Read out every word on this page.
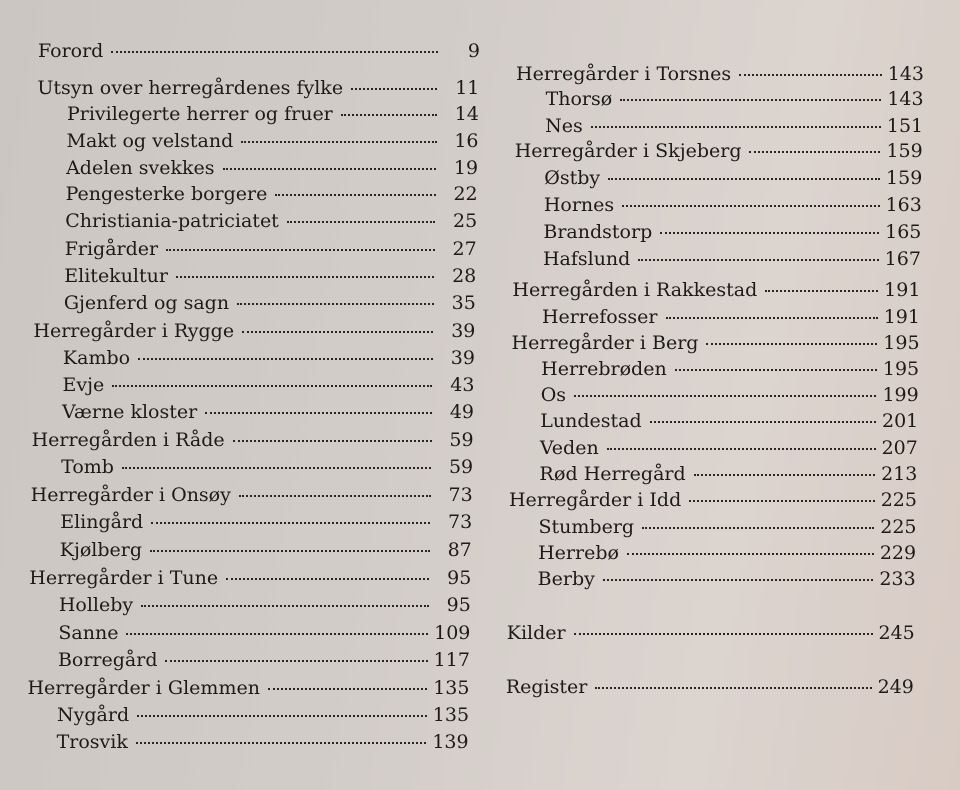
Forord	9
Utsyn over herregårdenes fylke	11
Privilegerte herrer og fruer	14
Makt og velstand	16
Adelen svekkes	19
Pengesterke borgere	22
Christiania-patriciatet	25
Frigårder	27
Elitekultur	28
Gjenferd og sagn	35
Herregårder i Rygge	39
Kambo	39
Evje	43
Værne kloster	49
Herregården i Råde	59
Tomb	59
Herregårder i Onsøy	73
Elingård	73
Kjølberg	87
Herregårder i Tune	95
Holleby	95
Sanne	109
Borregård	117
Herregårder i Glemmen	135
Nygård	135
Trosvik	139
Herregårder i Torsnes	143
Thorsø	143
Nes	151
Herregårder i Skjeberg	159
Østby	159
Hornes	163
Brandstorp	165
Hafslund	167
Herregården i Rakkestad	191
Herrefosser	191
Herregårder i Berg	195
Herrebrøden	195
Os	199
Lundestad	201
Veden	207
Rød Herregård	213
Herregårder i Idd	225
Stumberg	225
Herrebø	229
Berby	233
Kilder	245
Register	249
